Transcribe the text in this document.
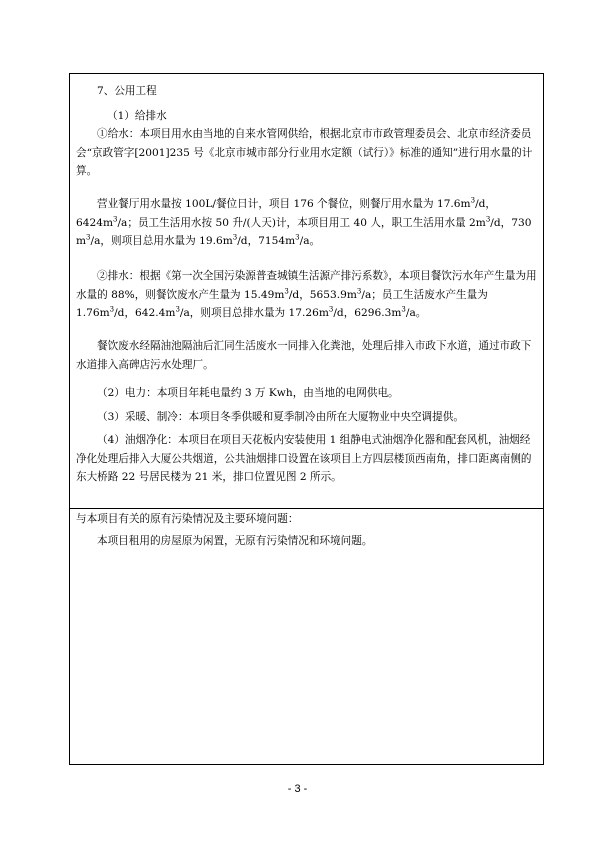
7、公用工程

（1）给排水

①给水：本项目用水由当地的自来水管网供给，根据北京市市政管理委员会、北京市经济委员会“京政管字[2001]235 号《北京市城市部分行业用水定额（试行）》标准的通知”进行用水量的计算。

营业餐厅用水量按 100L/餐位日计，项目 176 个餐位，则餐厅用水量为 $17.6m^3/d$，$6424m^3/a$；员工生活用水按 50 升/(人天)计，本项目用工 40 人，职工生活用水量 $2m^3/d$，730 $m^3/a$，则项目总用水量为 $19.6m^3/d$，$7154m^3/a$。

②排水：根据《第一次全国污染源普查城镇生活源产排污系数》，本项目餐饮污水年产生量为用水量的 88%，则餐饮废水产生量为 $15.49m^3/d$，$5653.9m^3/a$；员工生活废水产生量为 $1.76m^3/d$，$642.4m^3/a$，则项目总排水量为 $17.26m^3/d$，$6296.3m^3/a$。

餐饮废水经隔油池隔油后汇同生活废水一同排入化粪池，处理后排入市政下水道，通过市政下水道排入高碑店污水处理厂。

（2）电力：本项目年耗电量约 3 万 Kwh，由当地的电网供电。

（3）采暖、制冷：本项目冬季供暖和夏季制冷由所在大厦物业中央空调提供。

（4）油烟净化：本项目在项目天花板内安装使用 1 组静电式油烟净化器和配套风机，油烟经净化处理后排入大厦公共烟道，公共油烟排口设置在该项目上方四层楼顶西南角，排口距离南侧的东大桥路 22 号居民楼为 21 米，排口位置见图 2 所示。

与本项目有关的原有污染情况及主要环境问题：

本项目租用的房屋原为闲置，无原有污染情况和环境问题。

- 3 -
